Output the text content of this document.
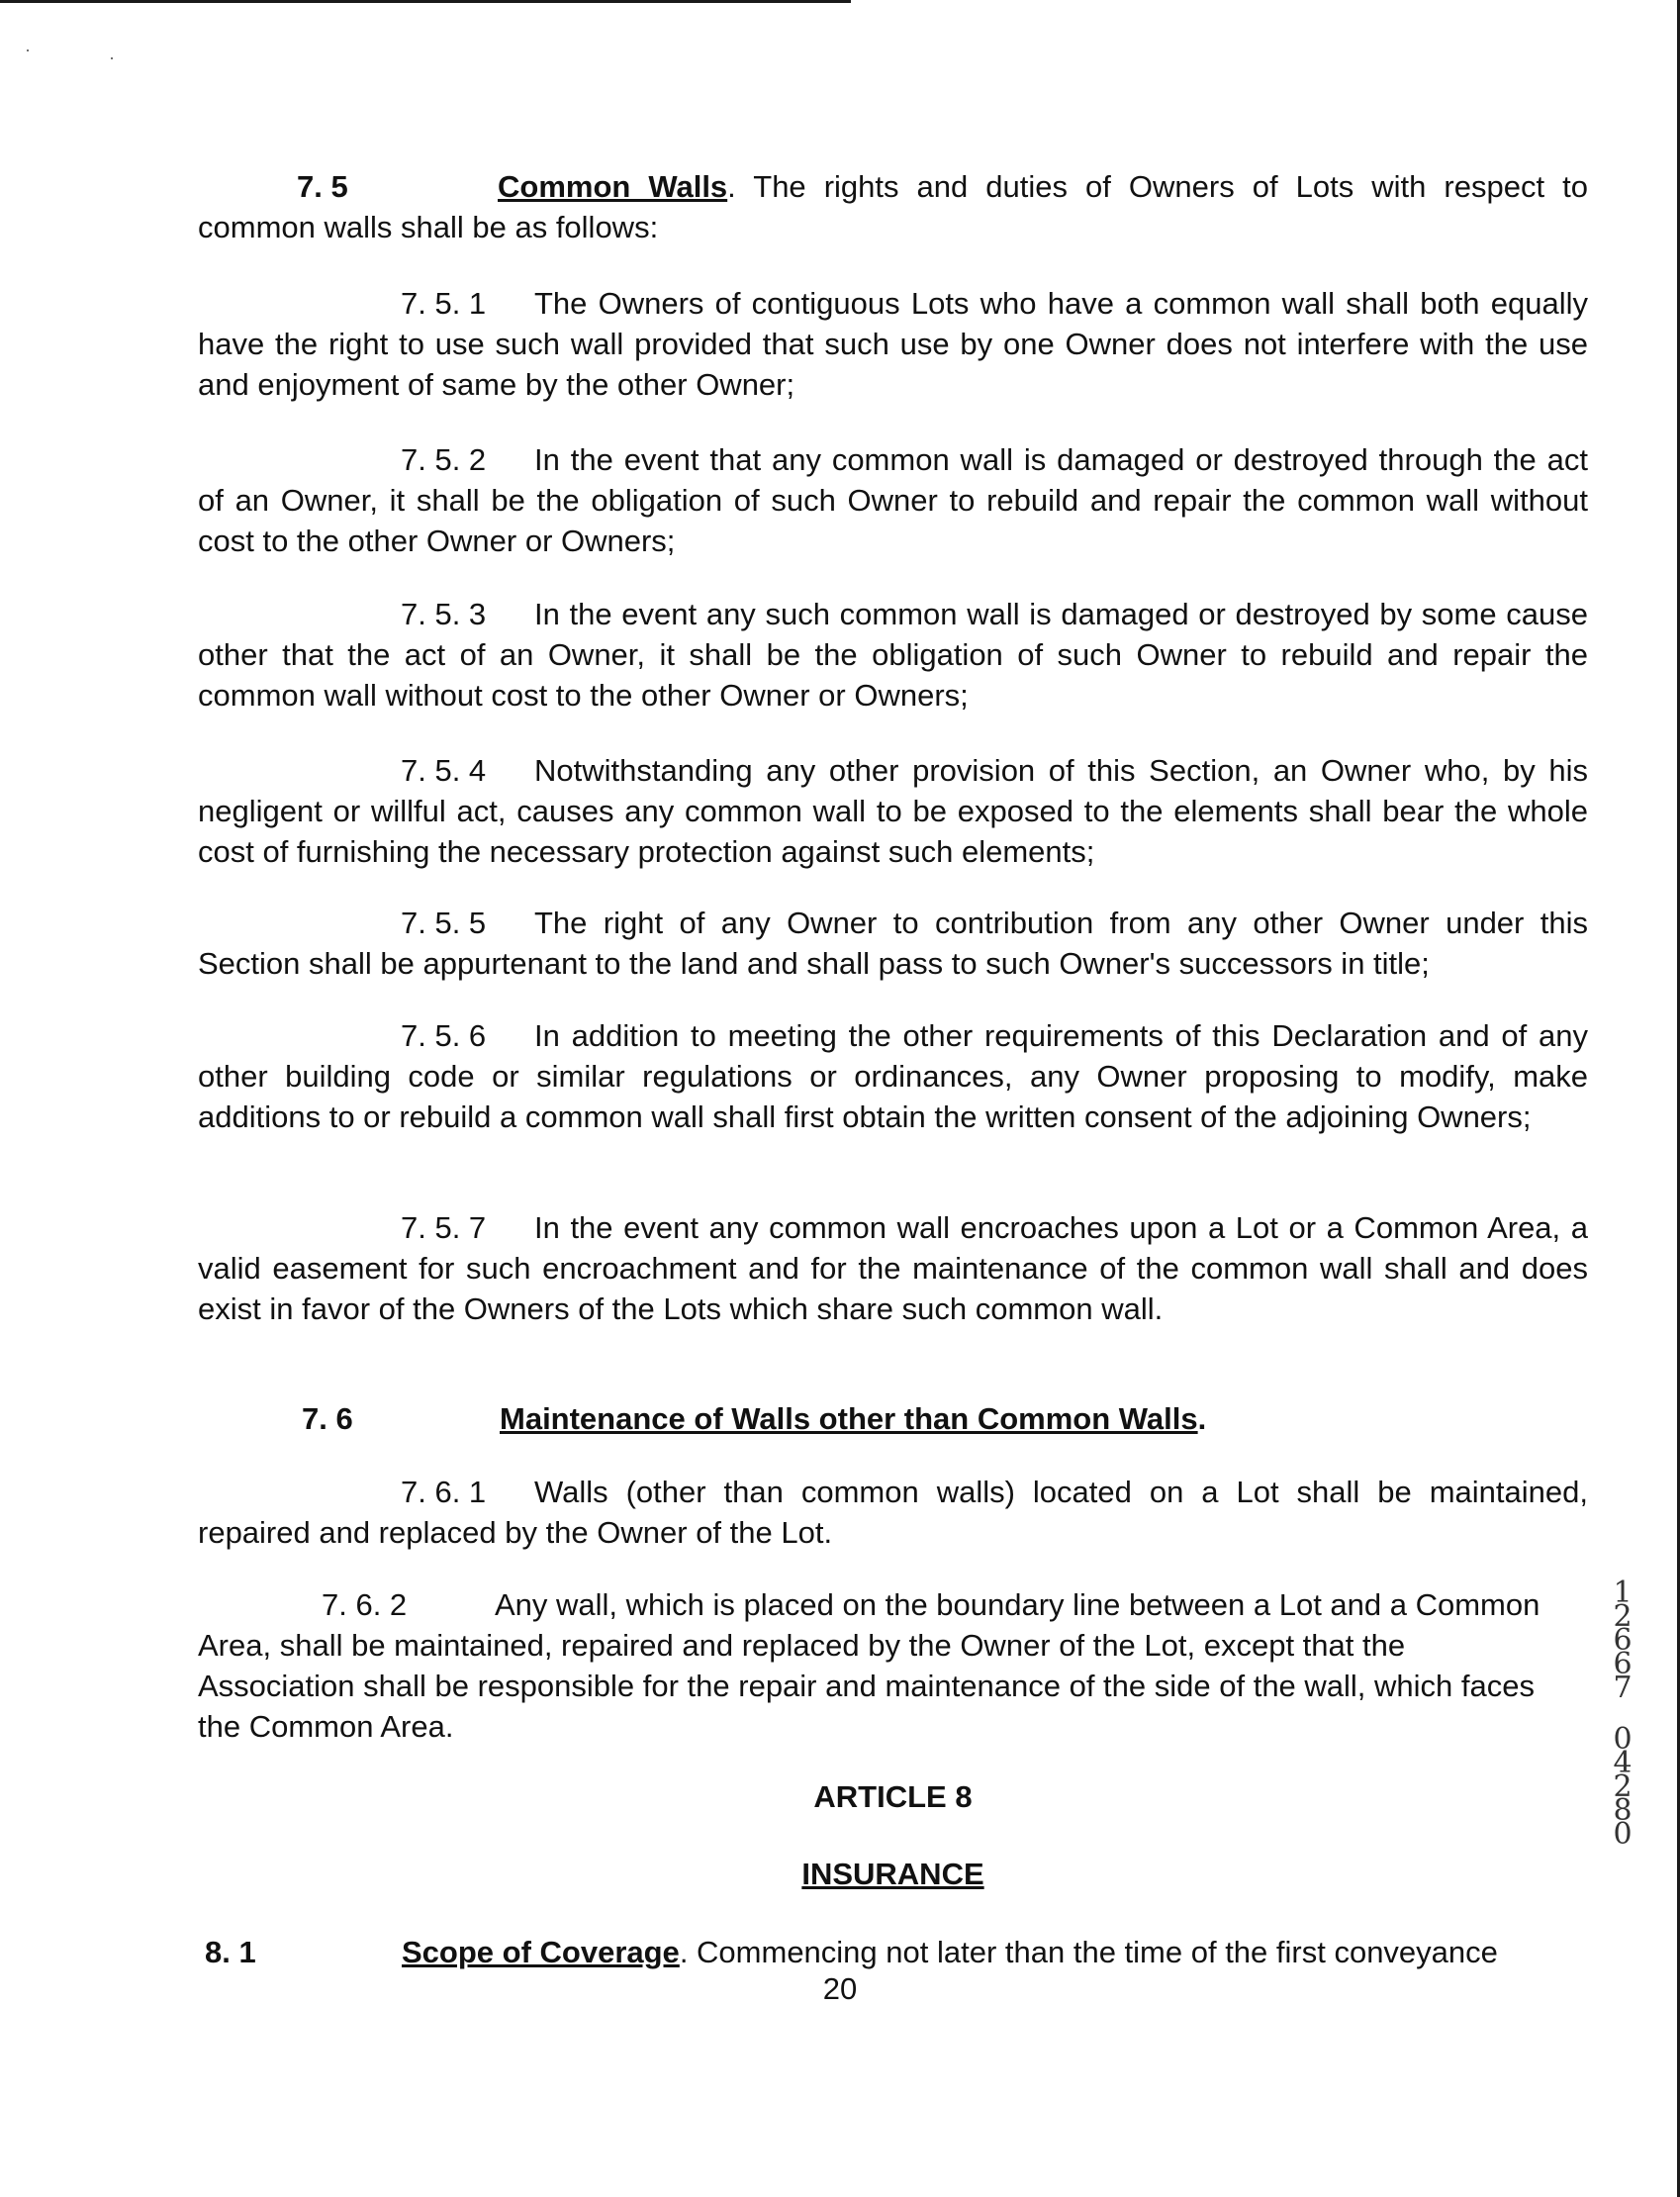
7. 5	Common Walls. The rights and duties of Owners of Lots with respect to common walls shall be as follows:
7. 5. 1 The Owners of contiguous Lots who have a common wall shall both equally have the right to use such wall provided that such use by one Owner does not interfere with the use and enjoyment of same by the other Owner;
7. 5. 2 In the event that any common wall is damaged or destroyed through the act of an Owner, it shall be the obligation of such Owner to rebuild and repair the common wall without cost to the other Owner or Owners;
7. 5. 3 In the event any such common wall is damaged or destroyed by some cause other that the act of an Owner, it shall be the obligation of such Owner to rebuild and repair the common wall without cost to the other Owner or Owners;
7. 5. 4 Notwithstanding any other provision of this Section, an Owner who, by his negligent or willful act, causes any common wall to be exposed to the elements shall bear the whole cost of furnishing the necessary protection against such elements;
7. 5. 5 The right of any Owner to contribution from any other Owner under this Section shall be appurtenant to the land and shall pass to such Owner's successors in title;
7. 5. 6 In addition to meeting the other requirements of this Declaration and of any other building code or similar regulations or ordinances, any Owner proposing to modify, make additions to or rebuild a common wall shall first obtain the written consent of the adjoining Owners;
7. 5. 7 In the event any common wall encroaches upon a Lot or a Common Area, a valid easement for such encroachment and for the maintenance of the common wall shall and does exist in favor of the Owners of the Lots which share such common wall.
7. 6	Maintenance of Walls other than Common Walls.
7. 6. 1 Walls (other than common walls) located on a Lot shall be maintained, repaired and replaced by the Owner of the Lot.
7. 6. 2	Any wall, which is placed on the boundary line between a Lot and a Common Area, shall be maintained, repaired and replaced by the Owner of the Lot, except that the Association shall be responsible for the repair and maintenance of the side of the wall, which faces the Common Area.
ARTICLE 8
INSURANCE
8. 1	Scope of Coverage. Commencing not later than the time of the first conveyance
20
12667
04280
